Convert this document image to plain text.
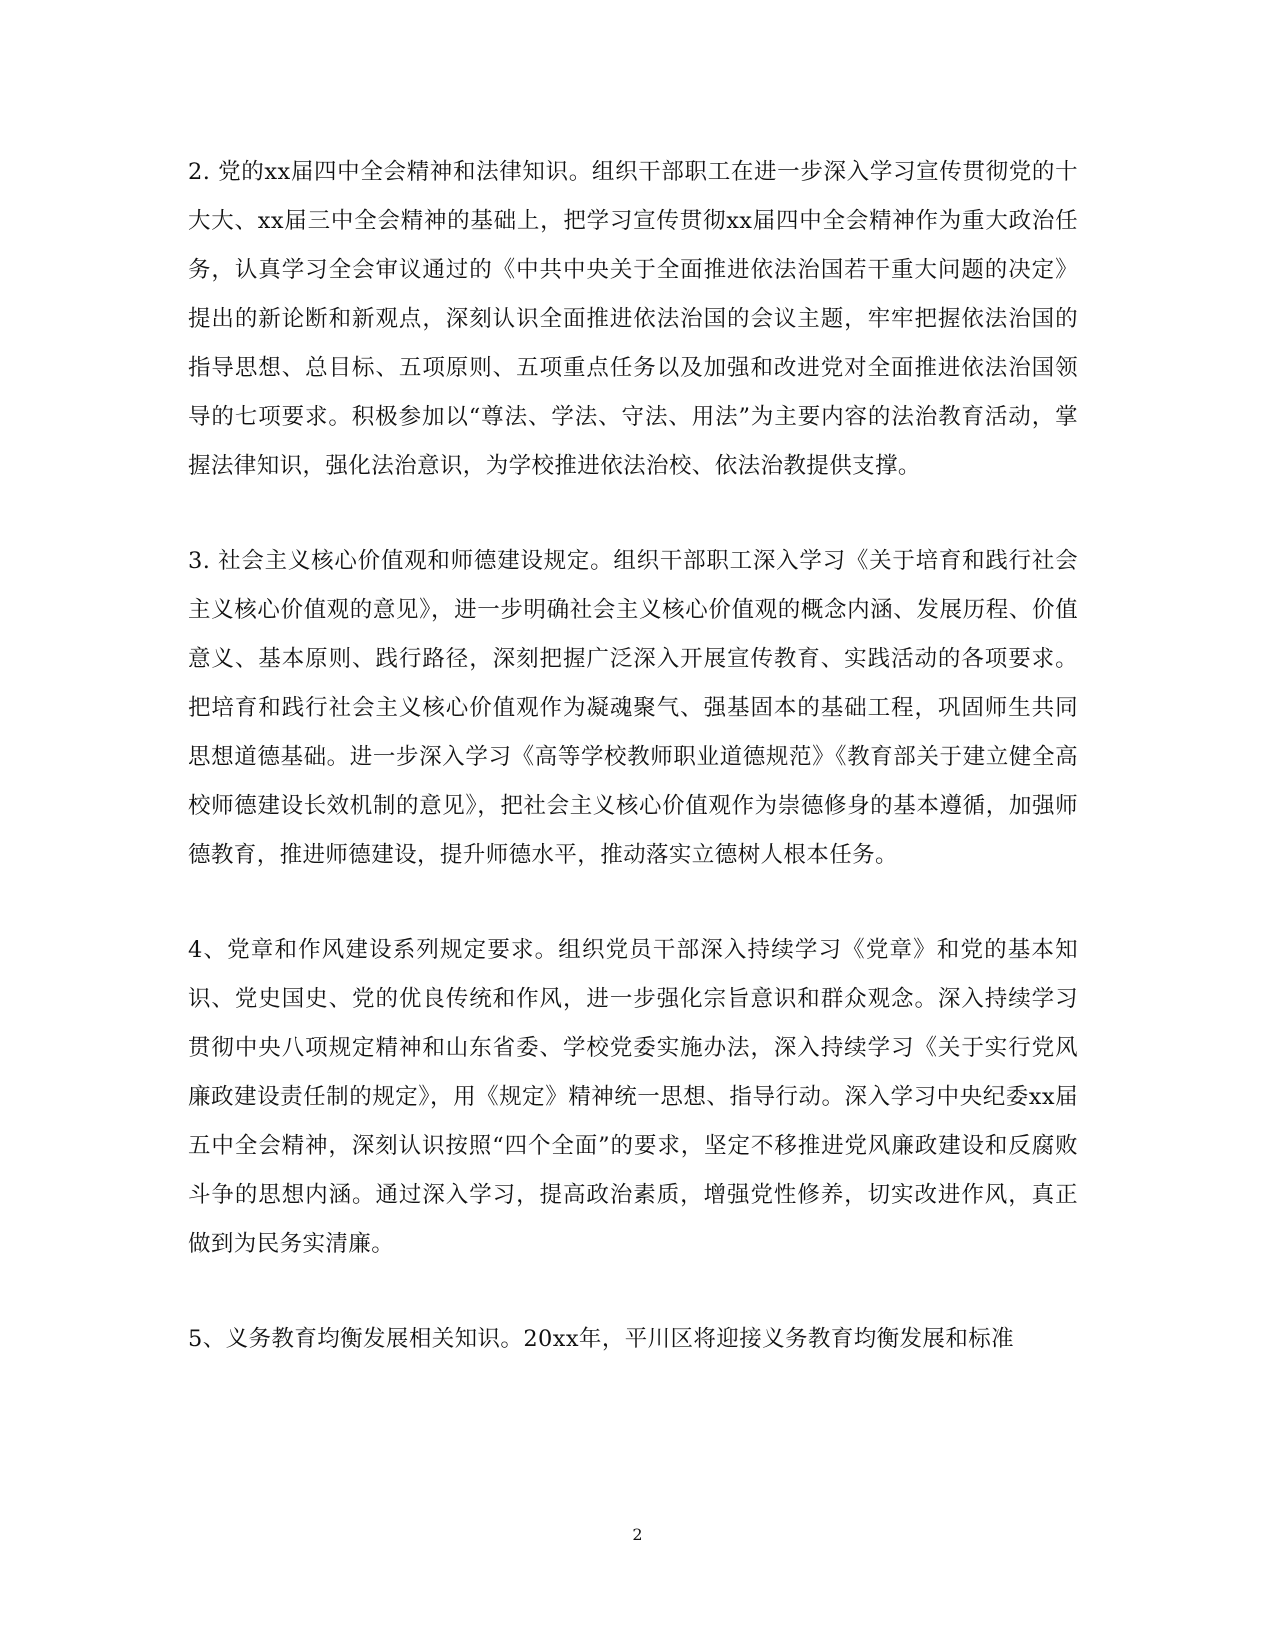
2. 党的xx届四中全会精神和法律知识。组织干部职工在进一步深入学习宣传贯彻党的十大大、xx届三中全会精神的基础上，把学习宣传贯彻xx届四中全会精神作为重大政治任务，认真学习全会审议通过的《中共中央关于全面推进依法治国若干重大问题的决定》提出的新论断和新观点，深刻认识全面推进依法治国的会议主题，牢牢把握依法治国的指导思想、总目标、五项原则、五项重点任务以及加强和改进党对全面推进依法治国领导的七项要求。积极参加以“尊法、学法、守法、用法”为主要内容的法治教育活动，掌握法律知识，强化法治意识，为学校推进依法治校、依法治教提供支撑。

3. 社会主义核心价值观和师德建设规定。组织干部职工深入学习《关于培育和践行社会主义核心价值观的意见》，进一步明确社会主义核心价值观的概念内涵、发展历程、价值意义、基本原则、践行路径，深刻把握广泛深入开展宣传教育、实践活动的各项要求。把培育和践行社会主义核心价值观作为凝魂聚气、强基固本的基础工程，巩固师生共同思想道德基础。进一步深入学习《高等学校教师职业道德规范》《教育部关于建立健全高校师德建设长效机制的意见》，把社会主义核心价值观作为崇德修身的基本遵循，加强师德教育，推进师德建设，提升师德水平，推动落实立德树人根本任务。

4、党章和作风建设系列规定要求。组织党员干部深入持续学习《党章》和党的基本知识、党史国史、党的优良传统和作风，进一步强化宗旨意识和群众观念。深入持续学习贯彻中央八项规定精神和山东省委、学校党委实施办法，深入持续学习《关于实行党风廉政建设责任制的规定》，用《规定》精神统一思想、指导行动。深入学习中央纪委xx届五中全会精神，深刻认识按照“四个全面”的要求，坚定不移推进党风廉政建设和反腐败斗争的思想内涵。通过深入学习，提高政治素质，增强党性修养，切实改进作风，真正做到为民务实清廉。

5、义务教育均衡发展相关知识。20xx年，平川区将迎接义务教育均衡发展和标准

2
